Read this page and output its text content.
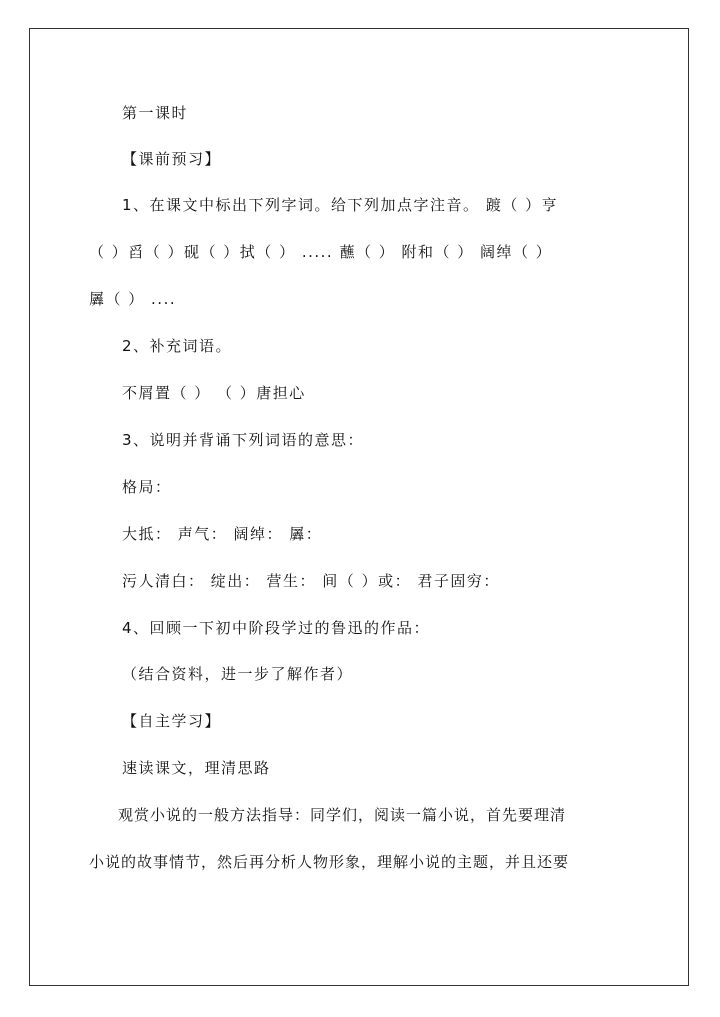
第一课时
【课前预习】
1、在课文中标出下列字词。给下列加点字注音。 踱（ ）亨
（ ）舀（ ）砚（ ）拭（ ） ..... 蘸（ ） 附和（ ） 阔绰（ ）
羼（ ） ....
2、补充词语。
不屑置（ ） （ ）唐担心
3、说明并背诵下列词语的意思：
格局：
大抵： 声气： 阔绰： 羼：
污人清白： 绽出： 营生： 间（ ）或： 君子固穷：
4、回顾一下初中阶段学过的鲁迅的作品：
（结合资料，进一步了解作者）
【自主学习】
速读课文，理清思路
观赏小说的一般方法指导：同学们，阅读一篇小说，首先要理清
小说的故事情节，然后再分析人物形象，理解小说的主题，并且还要
